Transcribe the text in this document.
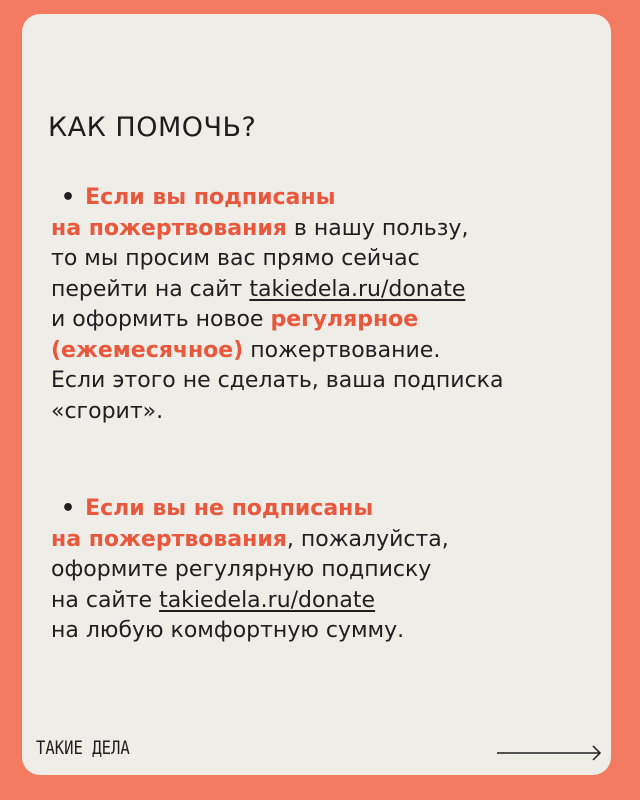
КАК ПОМОЧЬ?
• Если вы подписаны
на пожертвования в нашу пользу,
то мы просим вас прямо сейчас
перейти на сайт takiedela.ru/donate
и оформить новое регулярное
(ежемесячное) пожертвование.
Если этого не сделать, ваша подписка
«сгорит».
• Если вы не подписаны
на пожертвования, пожалуйста,
оформите регулярную подписку
на сайте takiedela.ru/donate
на любую комфортную сумму.
ТАКИЕ ДЕЛА
